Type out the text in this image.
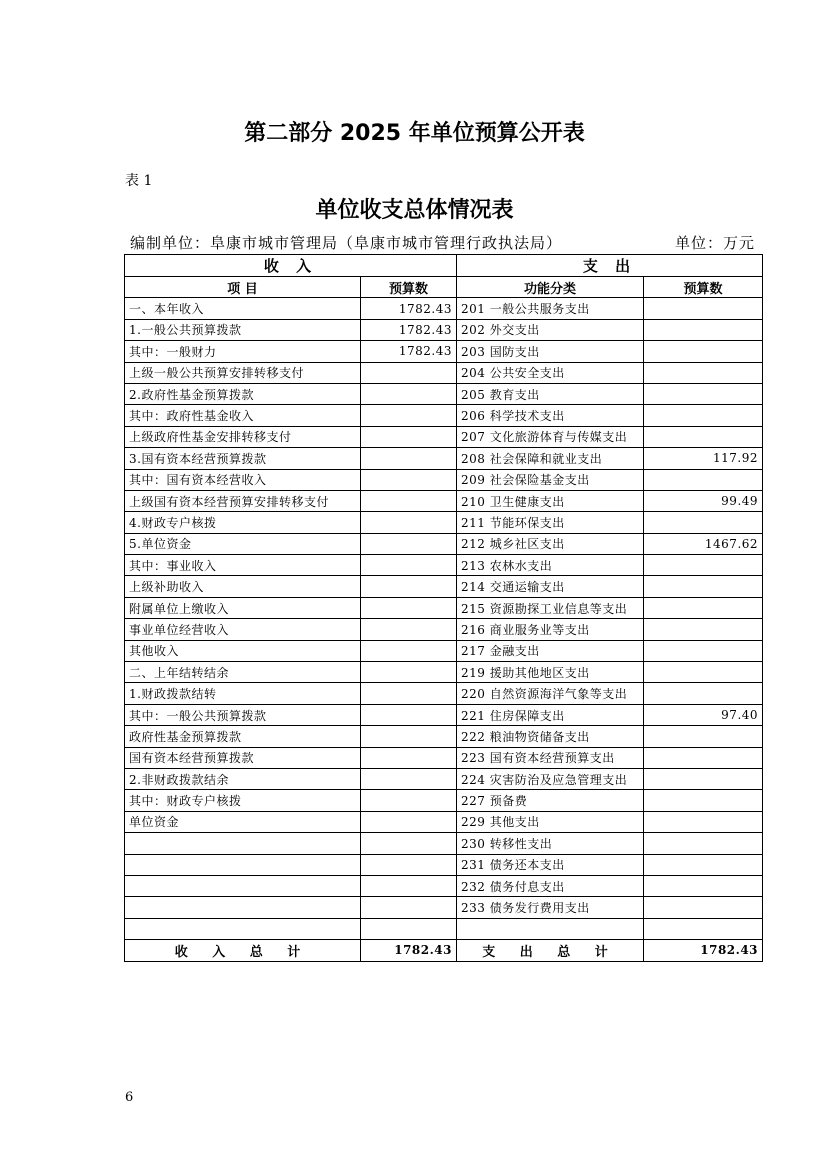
第二部分 2025 年单位预算公开表
表 1
单位收支总体情况表
编制单位：阜康市城市管理局（阜康市城市管理行政执法局）	单位：万元
收 入		支 出	
项 目	预算数	功能分类	预算数
一、本年收入	1782.43	201 一般公共服务支出	
1.一般公共预算拨款	1782.43	202 外交支出	
其中：一般财力	1782.43	203 国防支出	
上级一般公共预算安排转移支付		204 公共安全支出	
2.政府性基金预算拨款		205 教育支出	
其中：政府性基金收入		206 科学技术支出	
上级政府性基金安排转移支付		207 文化旅游体育与传媒支出	
3.国有资本经营预算拨款		208 社会保障和就业支出	117.92
其中：国有资本经营收入		209 社会保险基金支出	
上级国有资本经营预算安排转移支付		210 卫生健康支出	99.49
4.财政专户核拨		211 节能环保支出	
5.单位资金		212 城乡社区支出	1467.62
其中：事业收入		213 农林水支出	
上级补助收入		214 交通运输支出	
附属单位上缴收入		215 资源勘探工业信息等支出	
事业单位经营收入		216 商业服务业等支出	
其他收入		217 金融支出	
二、上年结转结余		219 援助其他地区支出	
1.财政拨款结转		220 自然资源海洋气象等支出	
其中：一般公共预算拨款		221 住房保障支出	97.40
政府性基金预算拨款		222 粮油物资储备支出	
国有资本经营预算拨款		223 国有资本经营预算支出	
2.非财政拨款结余		224 灾害防治及应急管理支出	
其中：财政专户核拨		227 预备费	
单位资金		229 其他支出	
		230 转移性支出	
		231 债务还本支出	
		232 债务付息支出	
		233 债务发行费用支出	

收 入 总 计	1782.43	支 出 总 计	1782.43
6
